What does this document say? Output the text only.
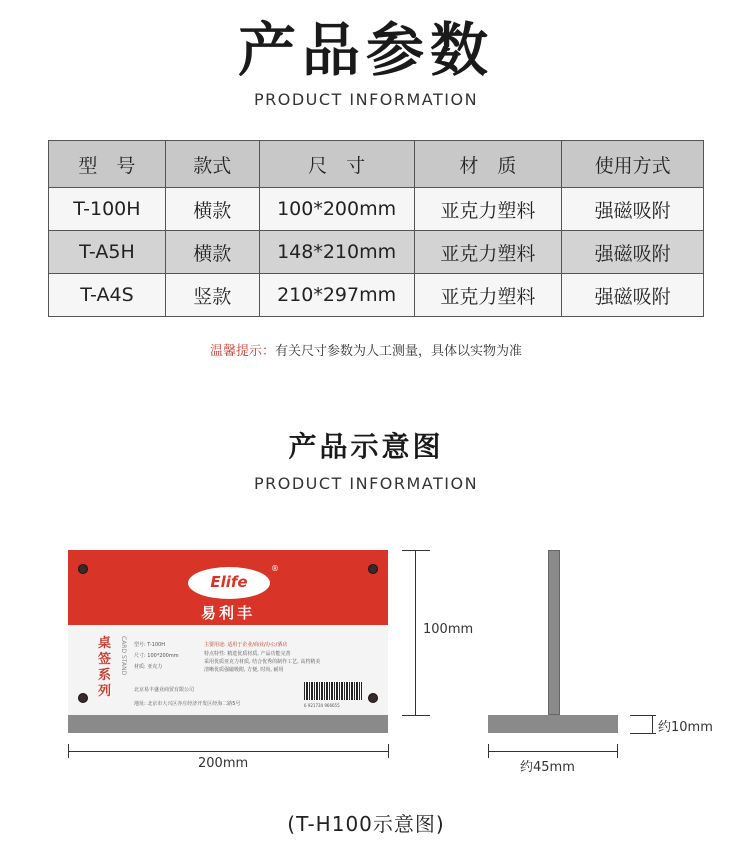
产品参数
PRODUCT INFORMATION
型　号	款式	尺　寸	材　质	使用方式
T-100H	横款	100*200mm	亚克力塑料	强磁吸附
T-A5H	横款	148*210mm	亚克力塑料	强磁吸附
T-A4S	竖款	210*297mm	亚克力塑料	强磁吸附
温馨提示：有关尺寸参数为人工测量，具体以实物为准
产品示意图
PRODUCT INFORMATION
Elife
®
易利丰
桌签系列
CARD STAND 型号: T-100H
尺寸: 100*200mm
材质: 亚克力
主要用途: 适用于企业/商业/办公/酒店
特点特性: 精选优质材质, 产品功能完善
采用优质亚克力材质, 结合优秀的制作工艺, 高档精美
清晰优质强磁吸附, 方便, 时尚, 耐用
北京易丰盛业商贸有限公司
地址: 北京市大兴区亦庄经济开发区经海二路5号	6 921734 966655
100mm
200mm	约45mm
约10mm
(T-H100示意图)
